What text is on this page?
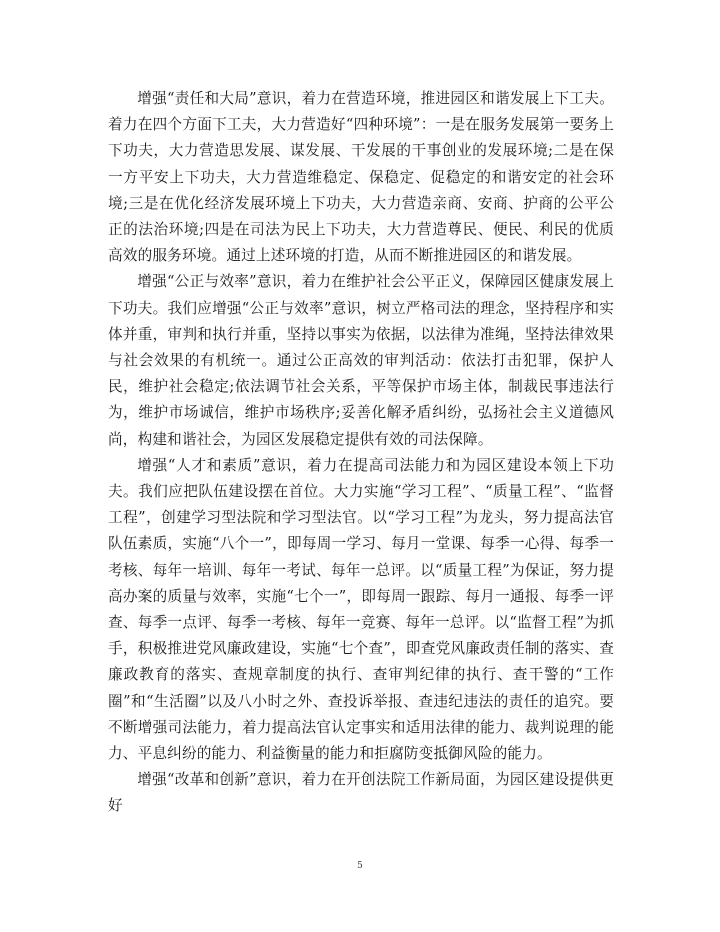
增强“责任和大局”意识，着力在营造环境，推进园区和谐发展上下工夫。着力在四个方面下工夫，大力营造好“四种环境”：一是在服务发展第一要务上下功夫，大力营造思发展、谋发展、干发展的干事创业的发展环境;二是在保一方平安上下功夫，大力营造维稳定、保稳定、促稳定的和谐安定的社会环境;三是在优化经济发展环境上下功夫，大力营造亲商、安商、护商的公平公正的法治环境;四是在司法为民上下功夫，大力营造尊民、便民、利民的优质高效的服务环境。通过上述环境的打造，从而不断推进园区的和谐发展。

增强“公正与效率”意识，着力在维护社会公平正义，保障园区健康发展上下功夫。我们应增强“公正与效率”意识，树立严格司法的理念，坚持程序和实体并重，审判和执行并重，坚持以事实为依据，以法律为准绳，坚持法律效果与社会效果的有机统一。通过公正高效的审判活动：依法打击犯罪，保护人民，维护社会稳定;依法调节社会关系，平等保护市场主体，制裁民事违法行为，维护市场诚信，维护市场秩序;妥善化解矛盾纠纷，弘扬社会主义道德风尚，构建和谐社会，为园区发展稳定提供有效的司法保障。

增强“人才和素质”意识，着力在提高司法能力和为园区建设本领上下功夫。我们应把队伍建设摆在首位。大力实施“学习工程”、“质量工程”、“监督工程”，创建学习型法院和学习型法官。以“学习工程”为龙头，努力提高法官队伍素质，实施“八个一”，即每周一学习、每月一堂课、每季一心得、每季一考核、每年一培训、每年一考试、每年一总评。以“质量工程”为保证，努力提高办案的质量与效率，实施“七个一”，即每周一跟踪、每月一通报、每季一评查、每季一点评、每季一考核、每年一竞赛、每年一总评。以“监督工程”为抓手，积极推进党风廉政建设，实施“七个查”，即查党风廉政责任制的落实、查廉政教育的落实、查规章制度的执行、查审判纪律的执行、查干警的“工作圈”和“生活圈”以及八小时之外、查投诉举报、查违纪违法的责任的追究。要不断增强司法能力，着力提高法官认定事实和适用法律的能力、裁判说理的能力、平息纠纷的能力、利益衡量的能力和拒腐防变抵御风险的能力。

增强“改革和创新”意识，着力在开创法院工作新局面，为园区建设提供更好

5
